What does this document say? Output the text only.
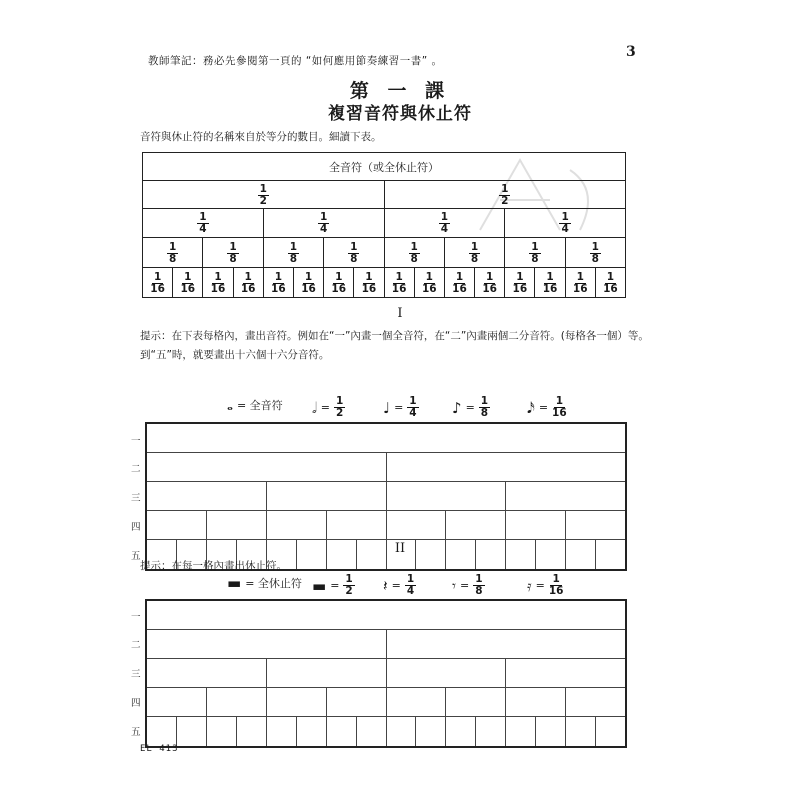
教師筆記：務必先參閱第一頁的 “如何應用節奏練習一書” 。
3
第 一 課
複習音符與休止符
音符與休止符的名稱來自於等分的數目。細讀下表。
全音符（或全休止符）															

$\frac{1}{2}$								$\frac{1}{2}$

$\frac{1}{4}$				$\frac{1}{4}$				$\frac{1}{4}$				$\frac{1}{4}$

$\frac{1}{8}$		$\frac{1}{8}$		$\frac{1}{8}$		$\frac{1}{8}$		$\frac{1}{8}$		$\frac{1}{8}$		$\frac{1}{8}$		$\frac{1}{8}$

$\frac{1}{16}$	$\frac{1}{16}$	$\frac{1}{16}$	$\frac{1}{16}$	$\frac{1}{16}$	$\frac{1}{16}$	$\frac{1}{16}$	$\frac{1}{16}$	$\frac{1}{16}$	$\frac{1}{16}$	$\frac{1}{16}$	$\frac{1}{16}$	$\frac{1}{16}$	$\frac{1}{16}$	$\frac{1}{16}$	$\frac{1}{16}$
I
提示：在下表每格內，畫出音符。例如在“一”內畫一個全音符，在“二”內畫兩個二分音符。(每格各一個）等。
到“五”時，就要畫出十六個十六分音符。
𝅝 = 全音符 𝅗𝅥 = $\frac{1}{2}$	♩ = $\frac{1}{4}$ ♪ = $\frac{1}{8}$ 𝅘𝅥𝅯 = $\frac{1}{16}$
一
二
三
四
五
II
提示：在每一格內畫出休止符。
▬ = 全休止符 ▬ = $\frac{1}{2}$ 𝄽 = $\frac{1}{4}$ 𝄾 = $\frac{1}{8}$	𝄿 = $\frac{1}{16}$
一
二
三
四
五
EL 413
